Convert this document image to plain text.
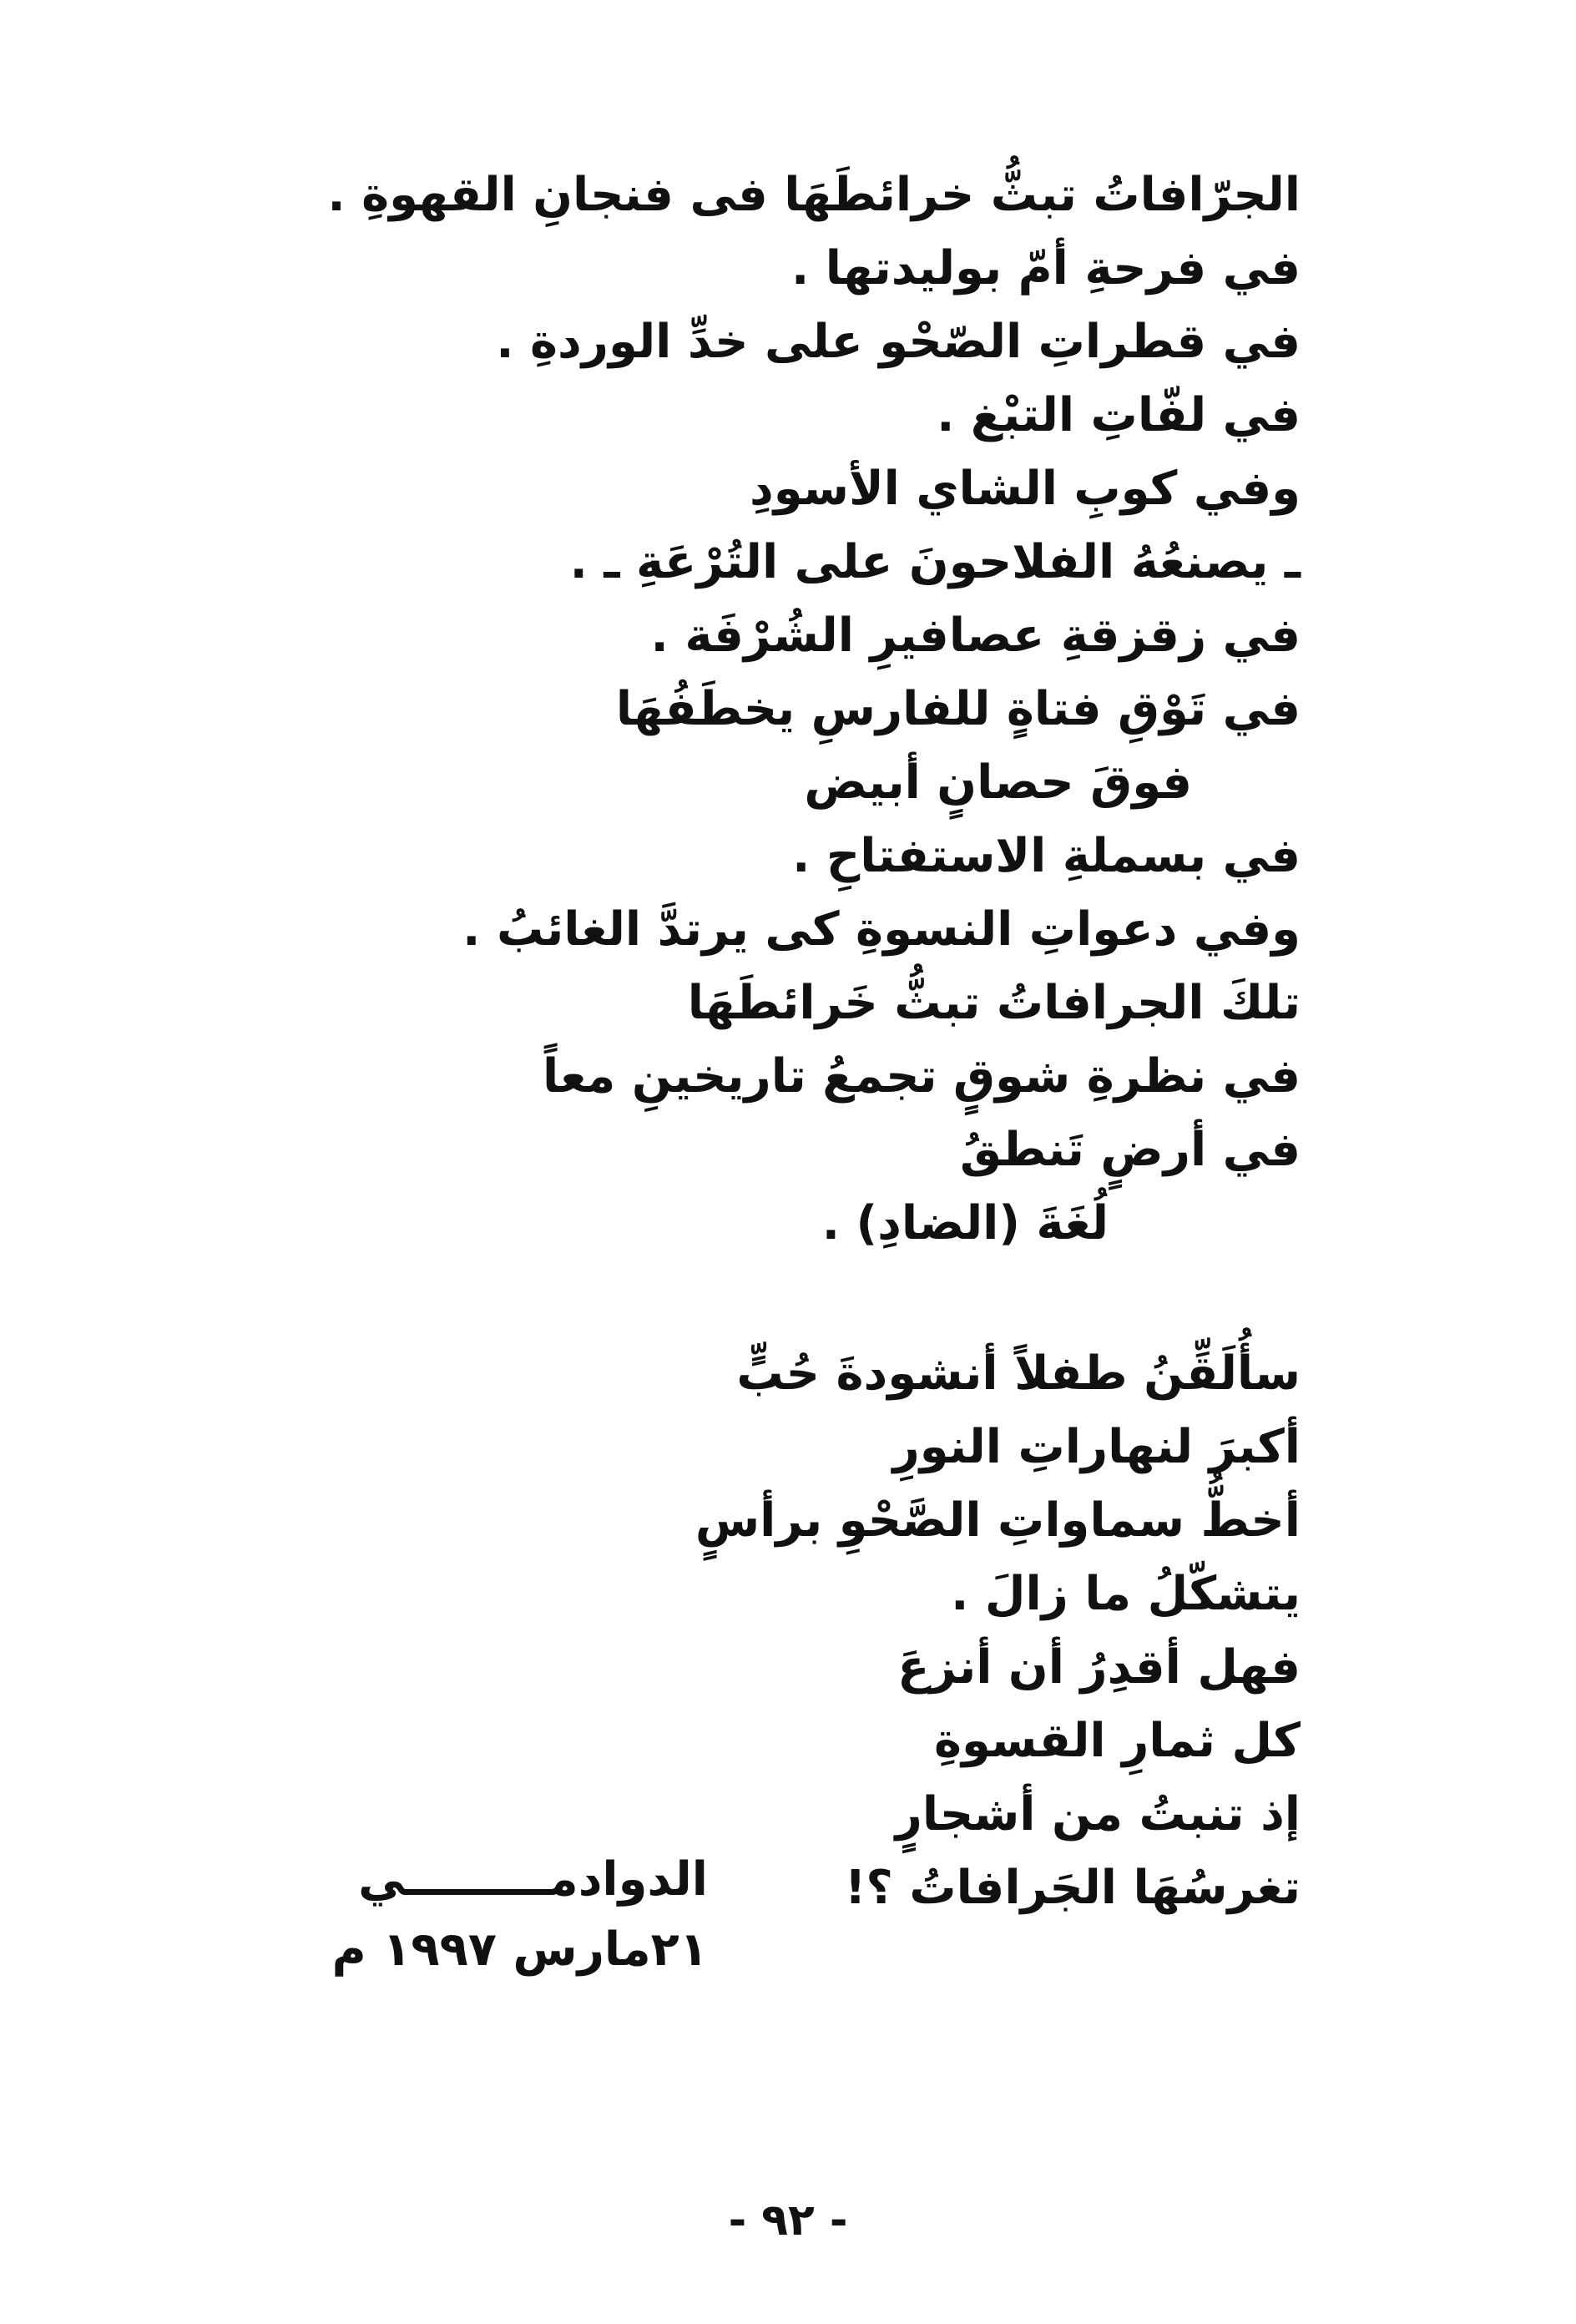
الجرّافاتُ تبثُّ خرائطَهَا فى فنجانِ القهوةِ .
في فرحةِ أمّ بوليدتها .
في قطراتِ الصّحْو على خدِّ الوردةِ .
في لفّاتِ التبْغ .
وفي كوبِ الشاي الأسودِ
ـ يصنعُهُ الفلاحونَ على التُرْعَةِ ـ .
في زقزقةِ عصافيرِ الشُرْفَة .
في تَوْقِ فتاةٍ للفارسِ يخطَفُهَا
فوقَ حصانٍ أبيض
في بسملةِ الاستفتاحِ .
وفي دعواتِ النسوةِ كى يرتدَّ الغائبُ .
تلكَ الجرافاتُ تبثُّ خَرائطَهَا
في نظرةِ شوقٍ تجمعُ تاريخينِ معاً
في أرضٍ تَنطقُ
لُغَةَ (الضادِ) .
سأُلَقِّنُ طفلاً أنشودةَ حُبٍّ
أكبرَ لنهاراتِ النورِ
أخطُّ سماواتِ الصَّحْوِ برأسٍ
يتشكّلُ ما زالَ .
فهل أقدِرُ أن أنزعَ
كل ثمارِ القسوةِ
إذ تنبتُ من أشجارٍ
تغرسُهَا الجَرافاتُ ؟!
الدوادمـــــــــي
٢١مارس ١٩٩٧ م
- ٩٢ -
